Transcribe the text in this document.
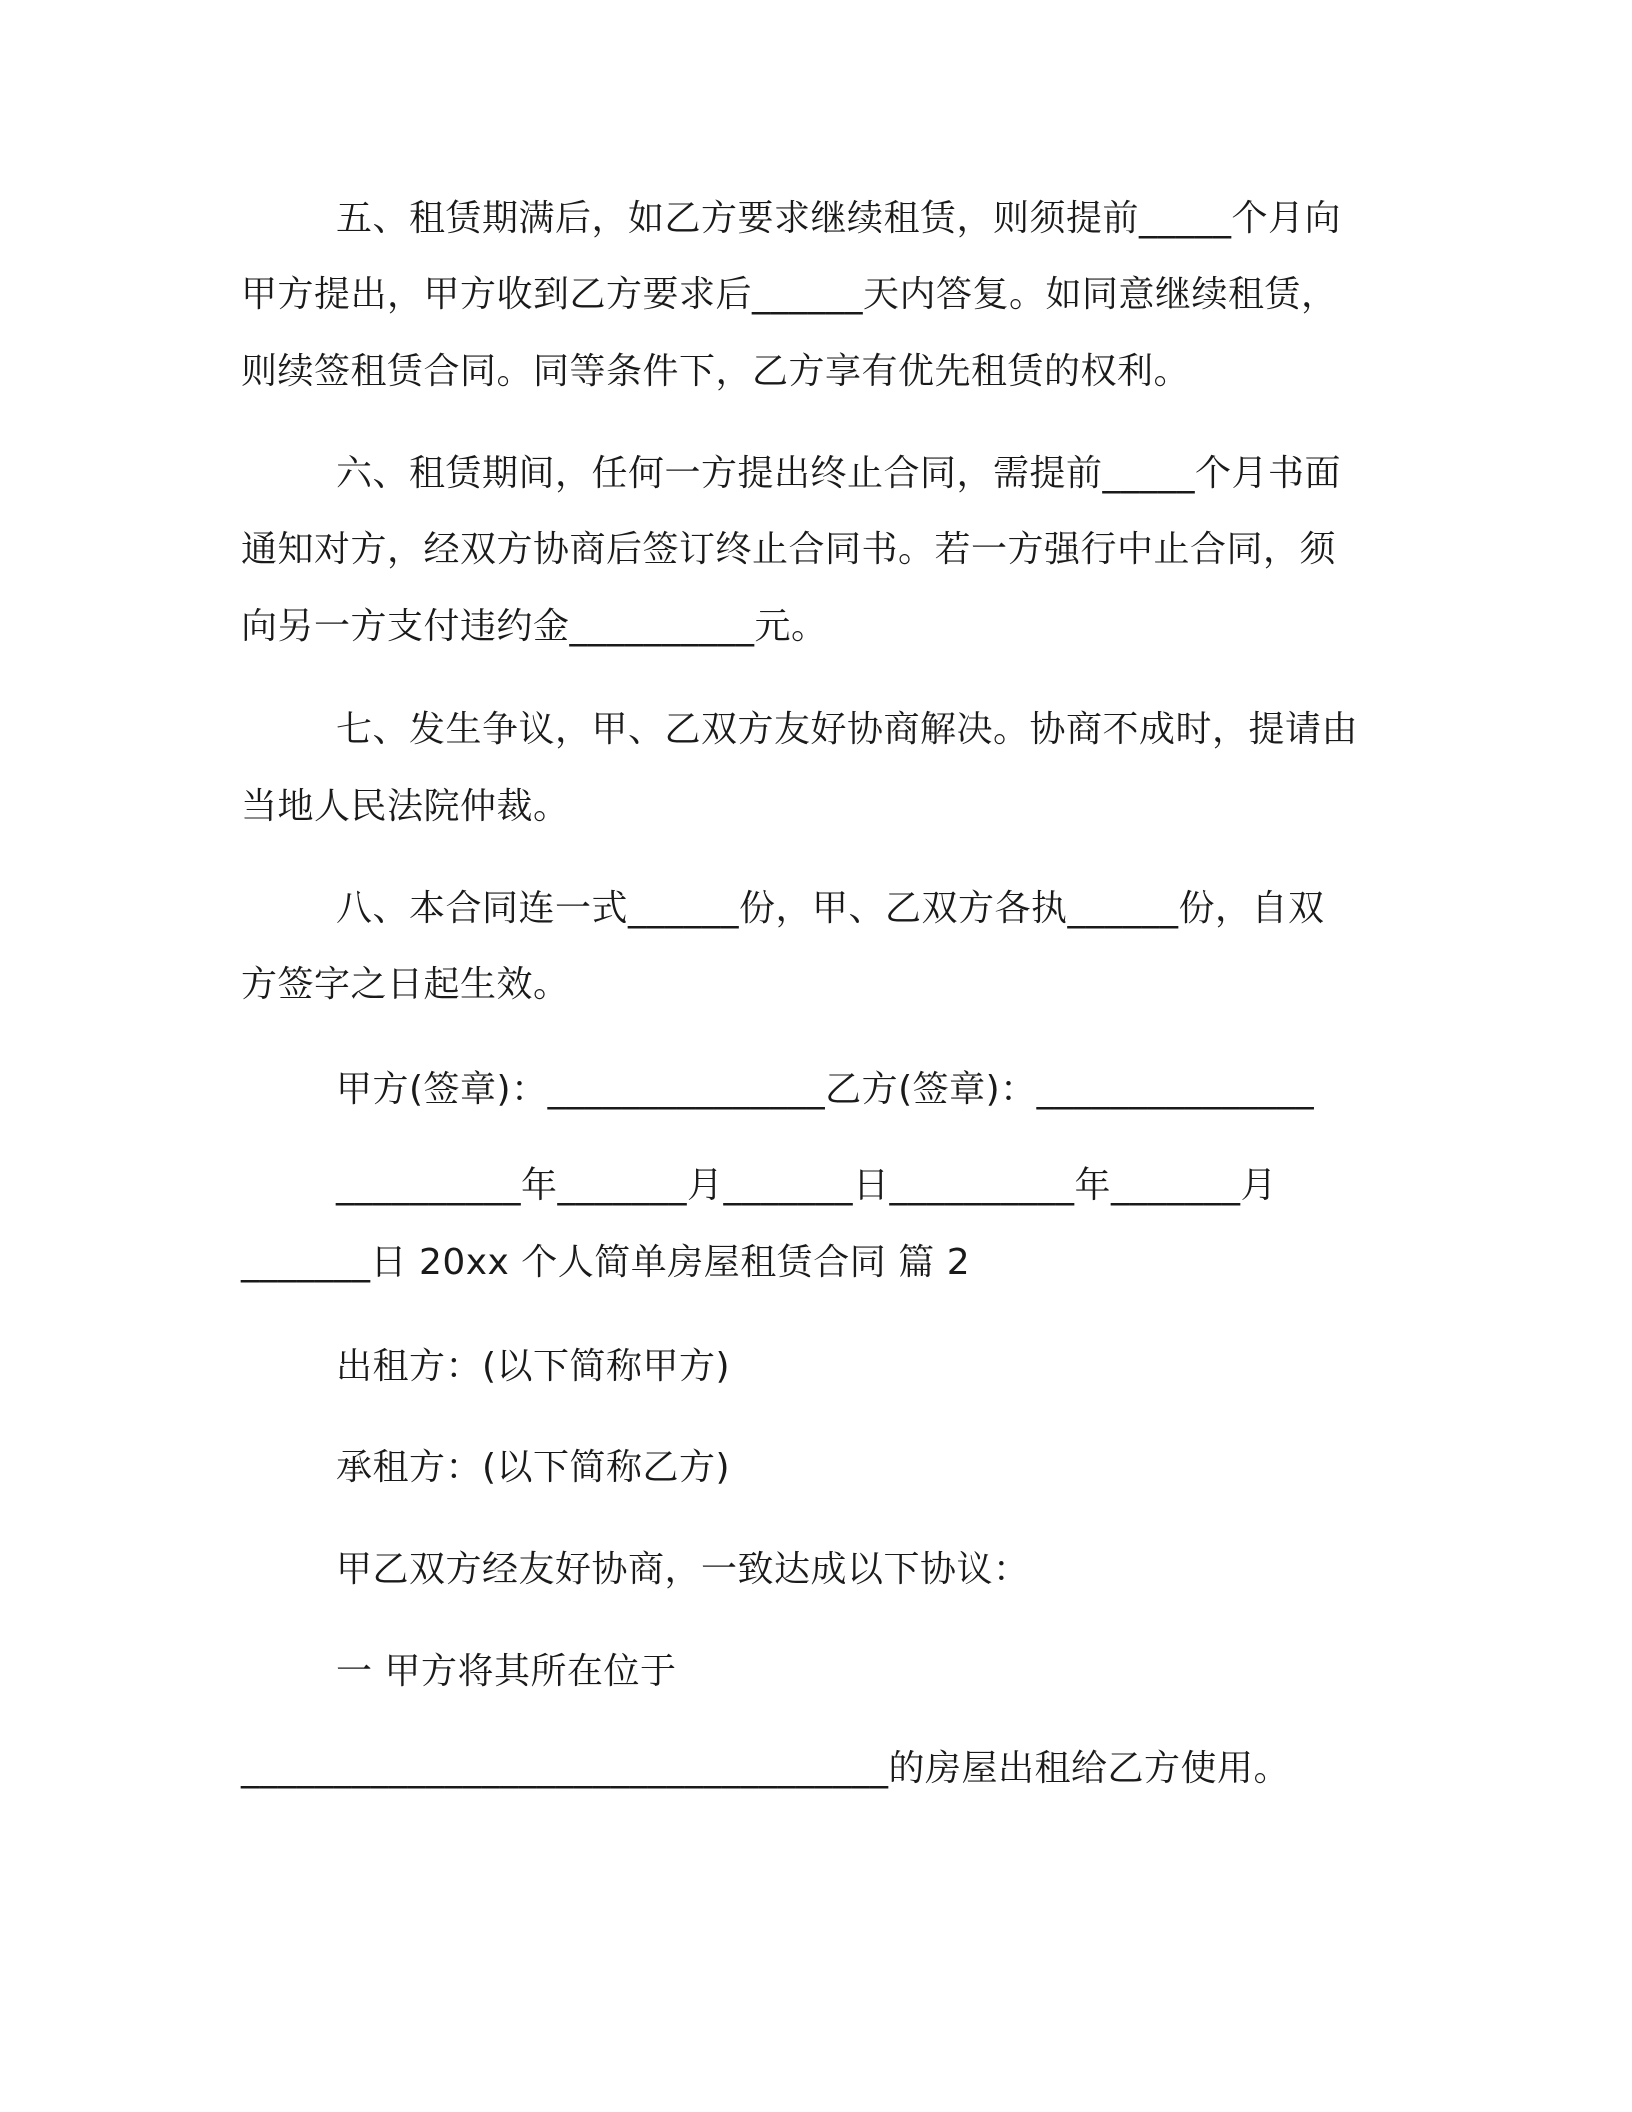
五、租赁期满后，如乙方要求继续租赁，则须提前_____个月向
甲方提出，甲方收到乙方要求后______天内答复。如同意继续租赁，
则续签租赁合同。同等条件下，乙方享有优先租赁的权利。
六、租赁期间，任何一方提出终止合同，需提前_____个月书面
通知对方，经双方协商后签订终止合同书。若一方强行中止合同，须
向另一方支付违约金__________元。
七、发生争议，甲、乙双方友好协商解决。协商不成时，提请由
当地人民法院仲裁。
八、本合同连一式______份，甲、乙双方各执______份，自双
方签字之日起生效。
甲方(签章)：_______________乙方(签章)：_______________
__________年_______月_______日__________年_______月
_______日 20xx 个人简单房屋租赁合同 篇 2
出租方：(以下简称甲方)
承租方：(以下简称乙方)
甲乙双方经友好协商，一致达成以下协议：
一 甲方将其所在位于
___________________________________的房屋出租给乙方使用。
